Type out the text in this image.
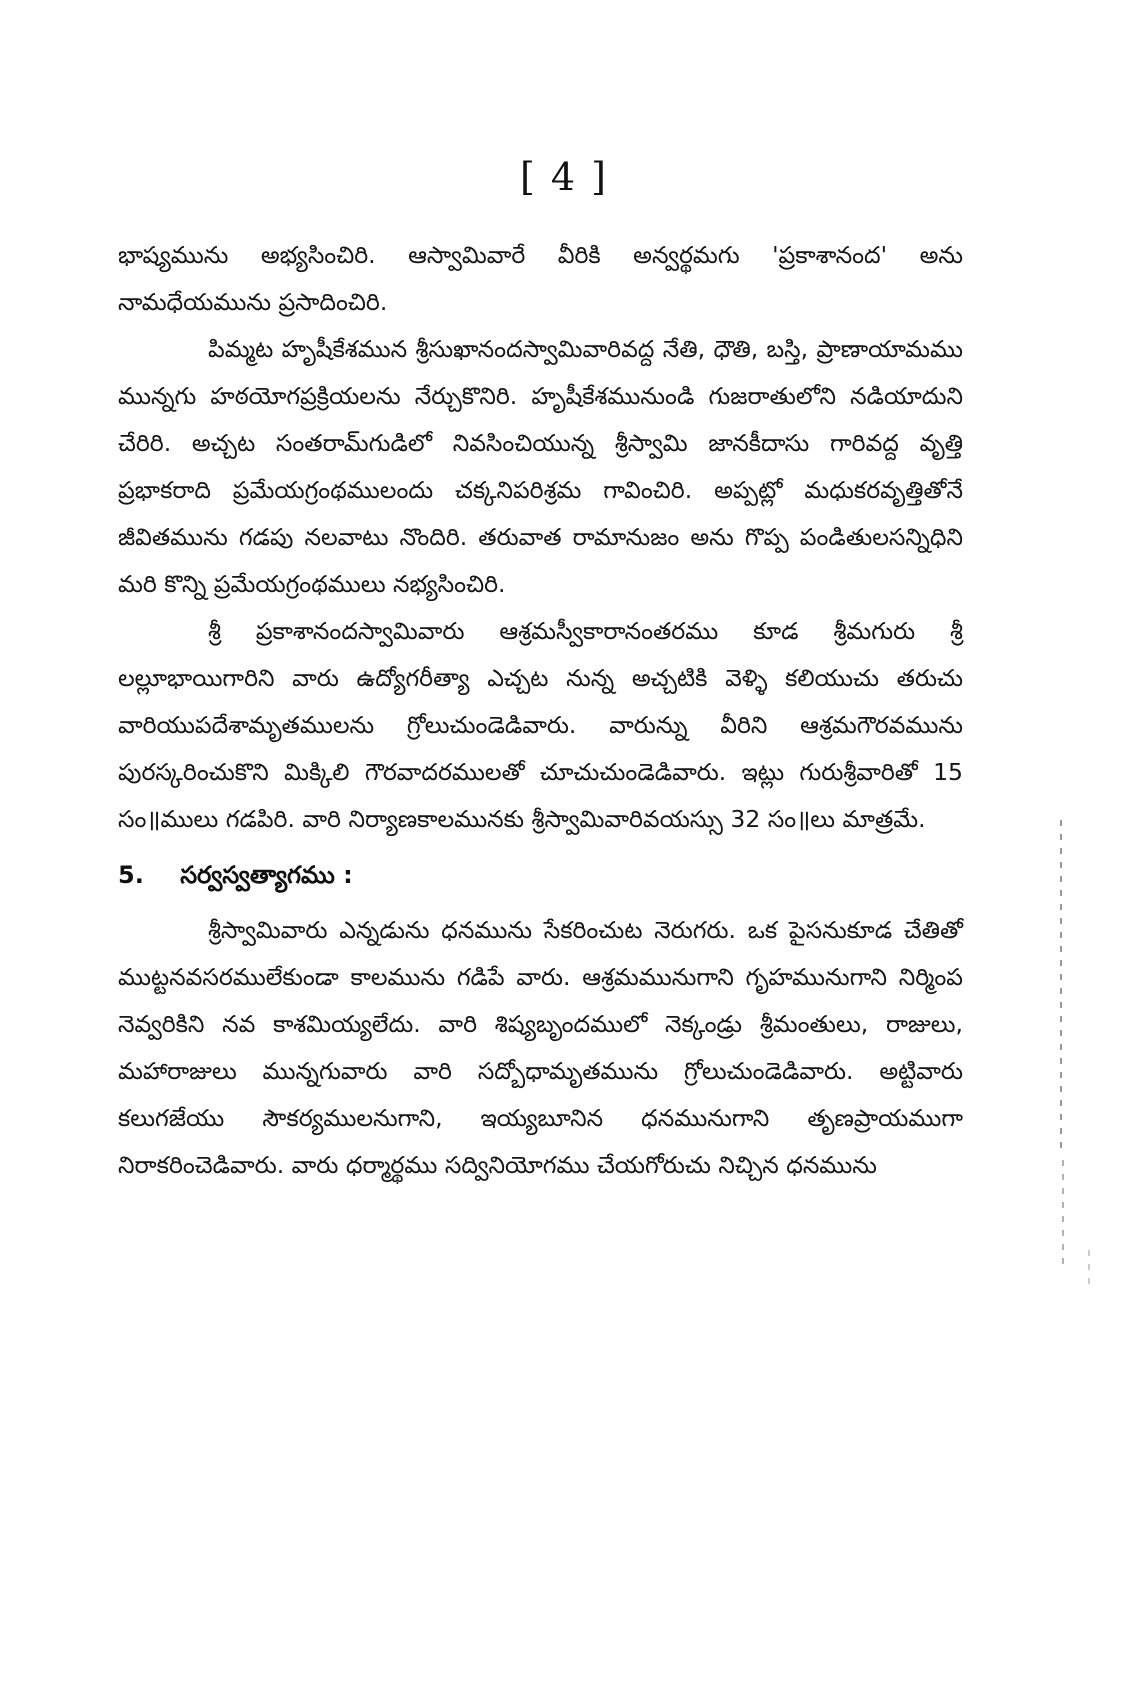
[ 4 ]

భాష్యమును అభ్యసించిరి. ఆస్వామివారే వీరికి అన్వర్థమగు 'ప్రకాశానంద' అను నామధేయమును ప్రసాదించిరి.

పిమ్మట హృషీకేశమున శ్రీసుఖానందస్వామివారివద్ద నేతి, ధౌతి, బస్తి, ప్రాణాయామము మున్నగు హఠయోగప్రక్రియలను నేర్చుకొనిరి. హృషీకేశమునుండి గుజరాతులోని నడియాదుని చేరిరి. అచ్చట సంతరామ్‌గుడిలో నివసించియున్న శ్రీస్వామి జానకీదాసు గారివద్ద వృత్తి ప్రభాకరాది ప్రమేయగ్రంథములందు చక్కనిపరిశ్రమ గావించిరి. అప్పట్లో మధుకరవృత్తితోనే జీవితమును గడపు నలవాటు నొందిరి. తరువాత రామానుజం అను గొప్ప పండితులసన్నిధిని మరి కొన్ని ప్రమేయగ్రంథములు నభ్యసించిరి.

శ్రీ ప్రకాశానందస్వామివారు ఆశ్రమస్వీకారానంతరము కూడ శ్రీమగురు శ్రీ లల్లూభాయిగారిని వారు ఉద్యోగరీత్యా ఎచ్చట నున్న అచ్చటికి వెళ్ళి కలియుచు తరుచు వారియుపదేశామృతములను గ్రోలుచుండెడివారు. వారున్ను వీరిని ఆశ్రమగౌరవమును పురస్కరించుకొని మిక్కిలి గౌరవాదరములతో చూచుచుండెడివారు. ఇట్లు గురుశ్రీవారితో 15 సం॥ములు గడపిరి. వారి నిర్యాణకాలమునకు శ్రీస్వామివారివయస్సు 32 సం॥లు మాత్రమే.

5. సర్వస్వత్యాగము :

శ్రీస్వామివారు ఎన్నడును ధనమును సేకరించుట నెరుగరు. ఒక పైసనుకూడ చేతితో ముట్టనవసరములేకుండా కాలమును గడిపే వారు. ఆశ్రమమునుగాని గృహమునుగాని నిర్మింప నెవ్వరికిని నవ కాశమియ్యలేదు. వారి శిష్యబృందములో నెక్కండ్రు శ్రీమంతులు, రాజులు, మహారాజులు మున్నగువారు వారి సద్బోధామృతమును గ్రోలుచుండెడివారు. అట్టివారు కలుగజేయు సౌకర్యములనుగాని, ఇయ్యబూనిన ధనమునుగాని తృణప్రాయముగా నిరాకరించెడివారు. వారు ధర్మార్థము సద్వినియోగము చేయగోరుచు నిచ్చిన ధనమును
